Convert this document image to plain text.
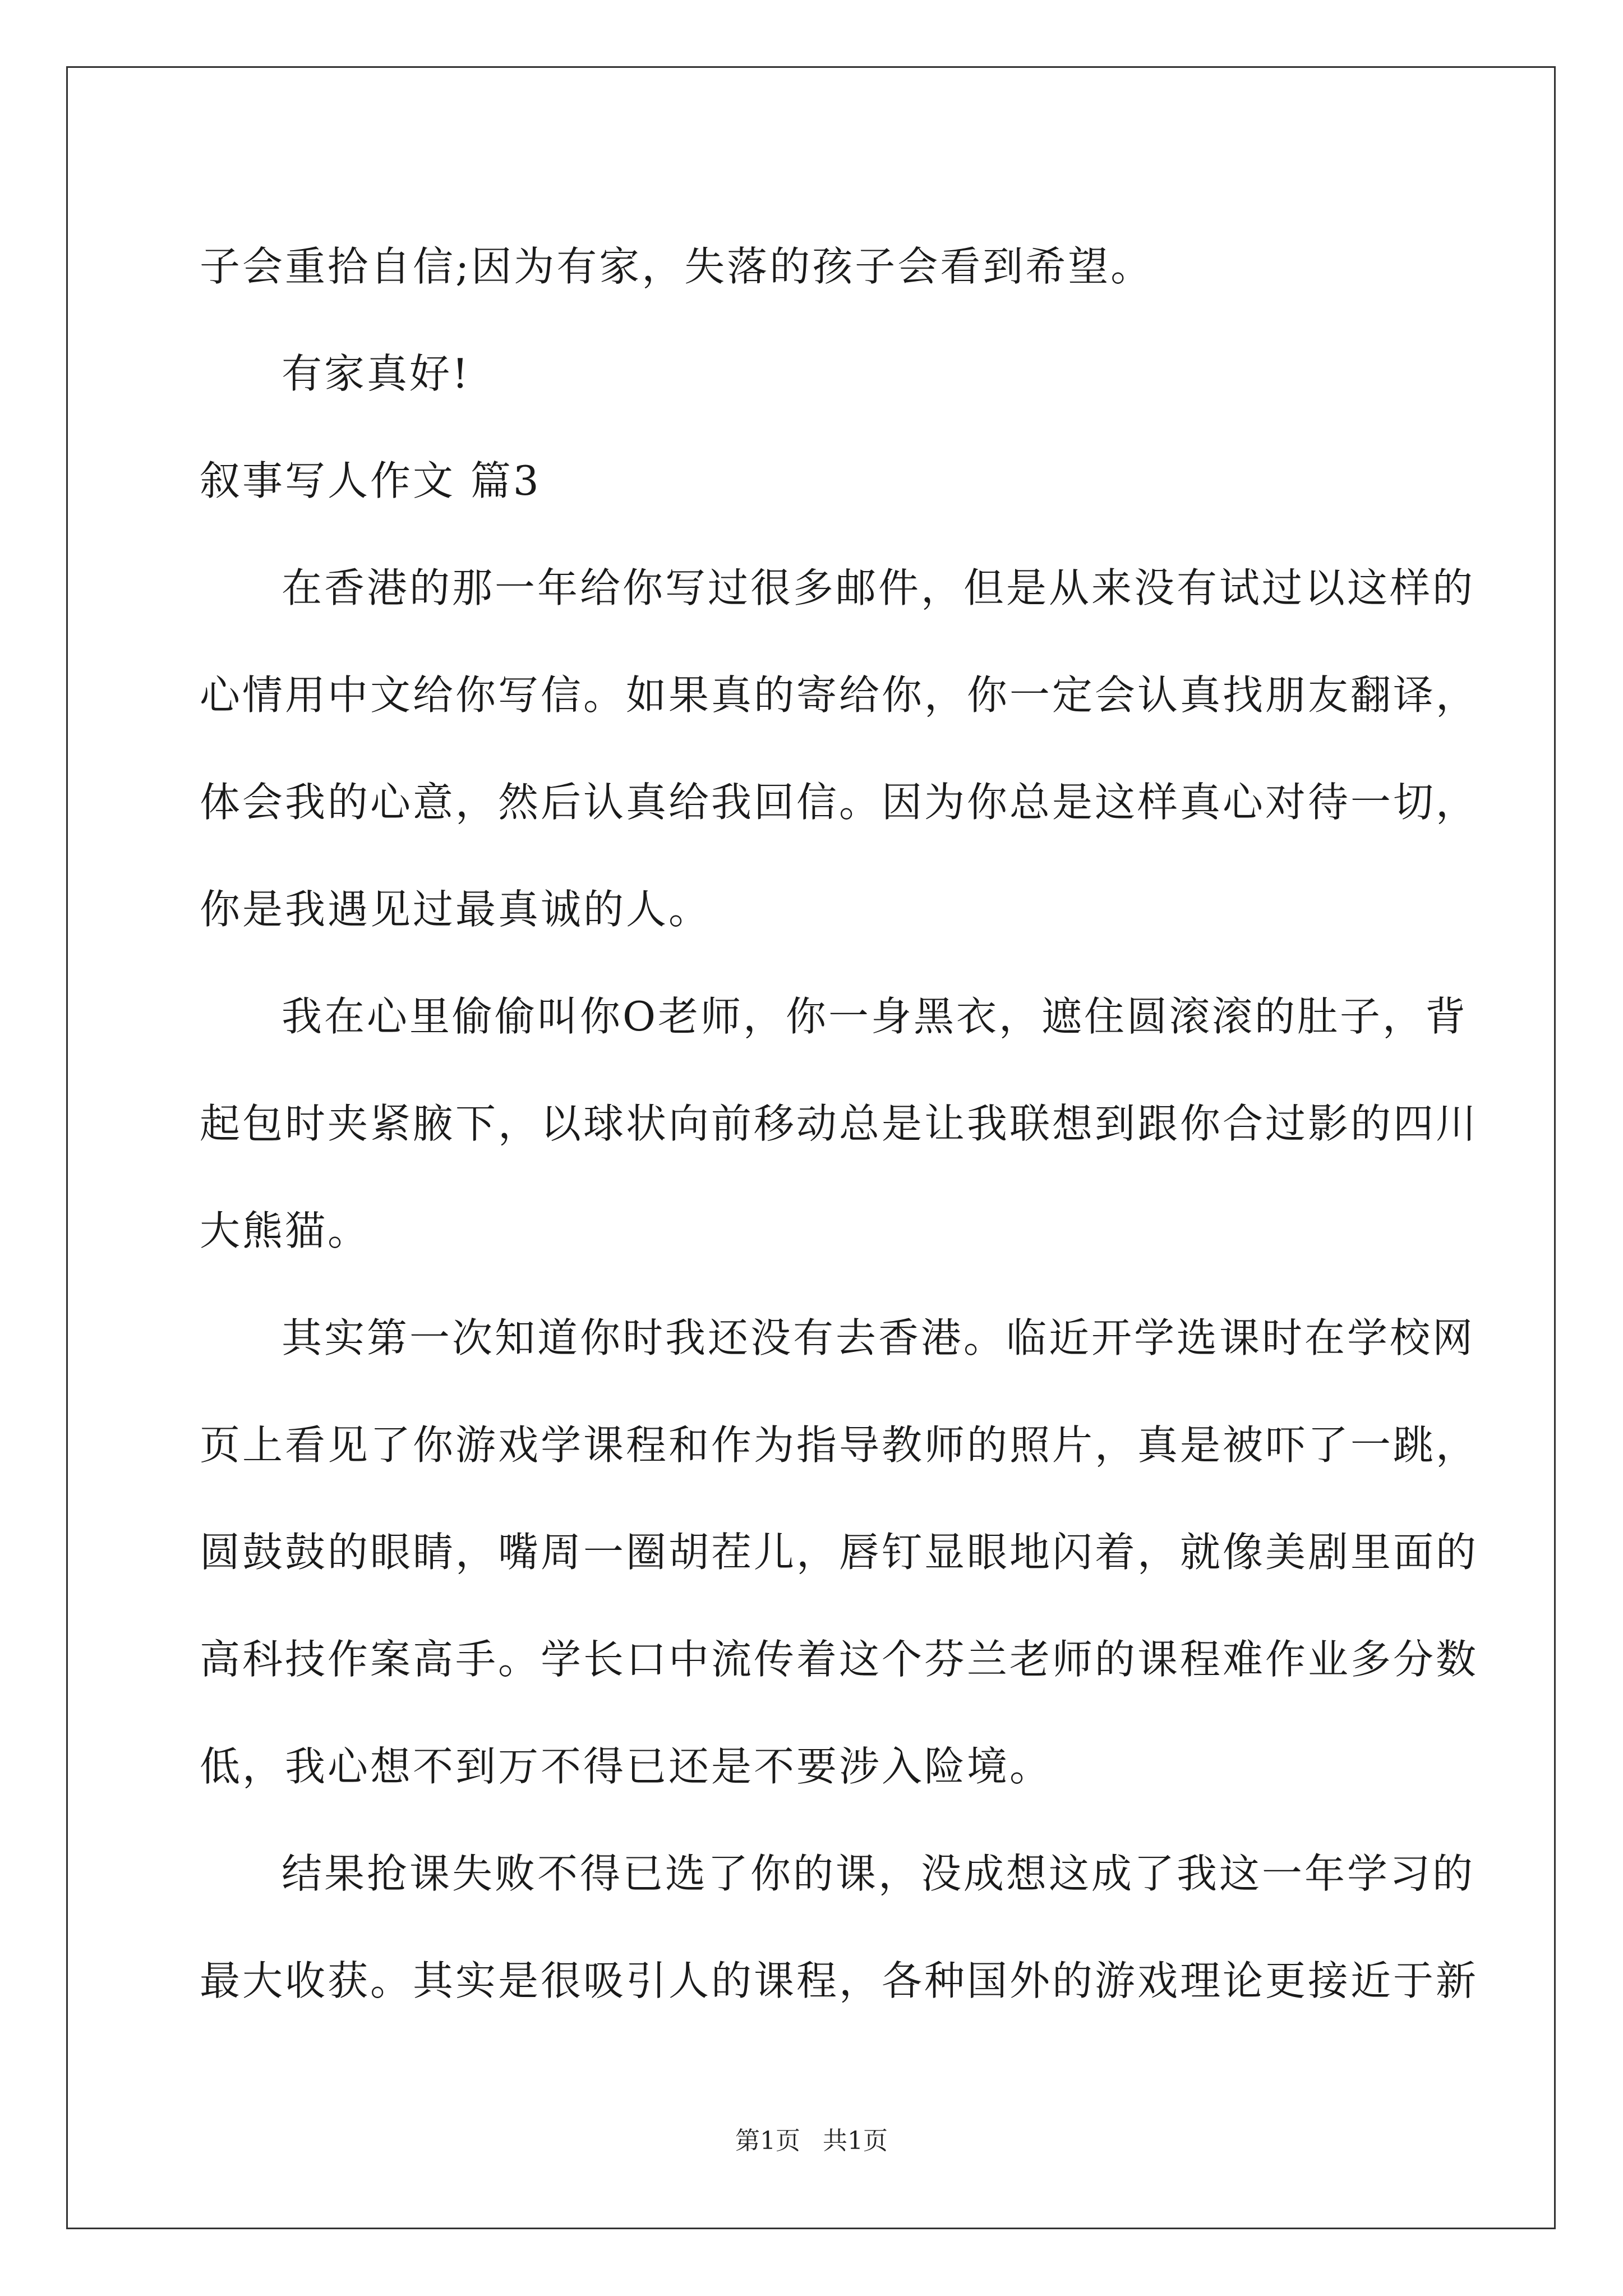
子会重拾自信;因为有家，失落的孩子会看到希望。
有家真好!
叙事写人作文 篇3
在香港的那一年给你写过很多邮件，但是从来没有试过以这样的
心情用中文给你写信。如果真的寄给你，你一定会认真找朋友翻译，
体会我的心意，然后认真给我回信。因为你总是这样真心对待一切，
你是我遇见过最真诚的人。
我在心里偷偷叫你O老师，你一身黑衣，遮住圆滚滚的肚子，背
起包时夹紧腋下，以球状向前移动总是让我联想到跟你合过影的四川
大熊猫。
其实第一次知道你时我还没有去香港。临近开学选课时在学校网
页上看见了你游戏学课程和作为指导教师的照片，真是被吓了一跳，
圆鼓鼓的眼睛，嘴周一圈胡茬儿，唇钉显眼地闪着，就像美剧里面的
高科技作案高手。学长口中流传着这个芬兰老师的课程难作业多分数
低，我心想不到万不得已还是不要涉入险境。
结果抢课失败不得已选了你的课，没成想这成了我这一年学习的
最大收获。其实是很吸引人的课程，各种国外的游戏理论更接近于新
第1页 共1页
